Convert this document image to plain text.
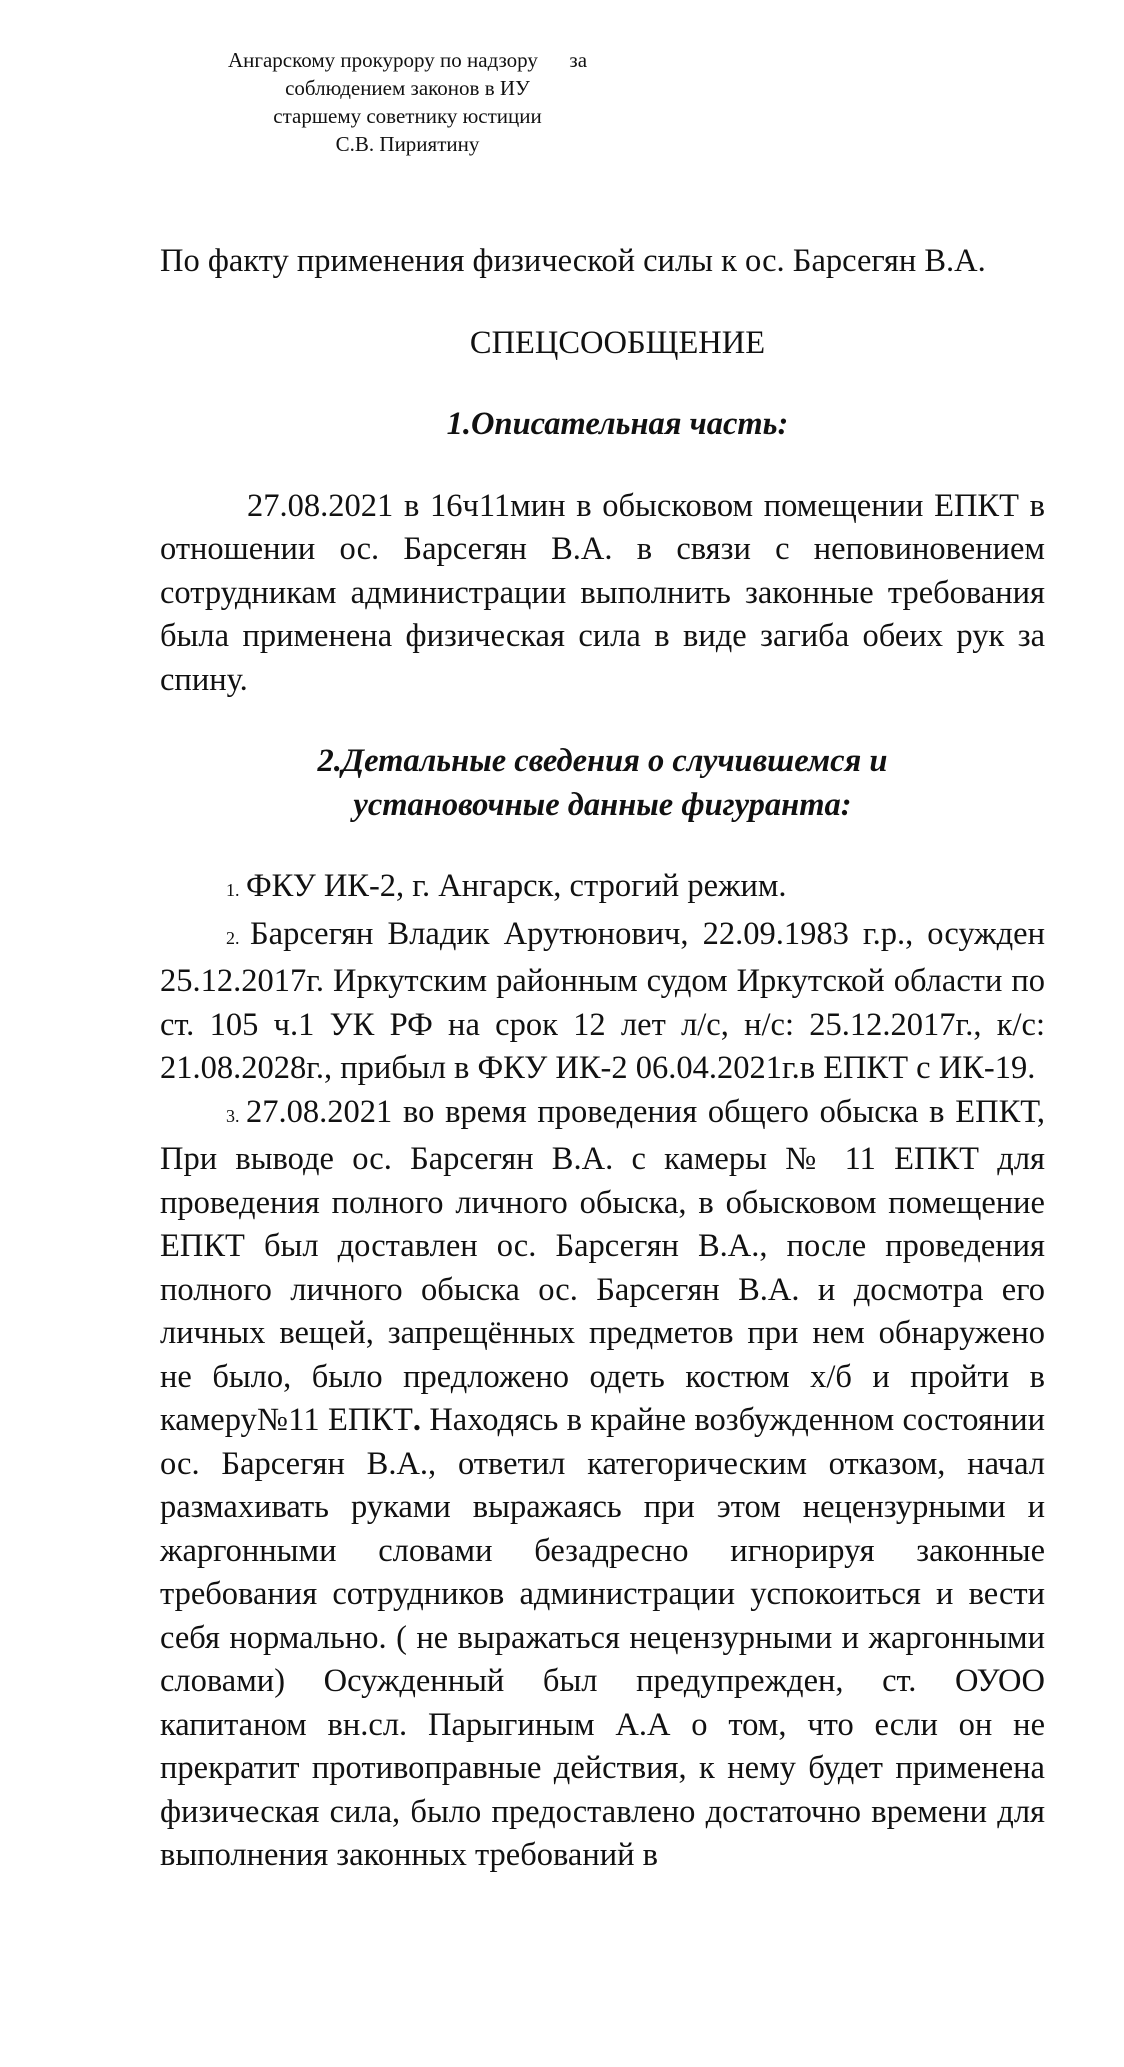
Ангарскому прокурору по надзору      за
соблюдением законов в ИУ
старшему советнику юстиции
С.В. Пириятину

По факту применения физической силы к ос. Барсегян В.А.

СПЕЦСООБЩЕНИЕ
1.Описательная часть:

27.08.2021 в 16ч11мин в обысковом помещении ЕПКТ в отношении ос. Барсегян В.А. в связи с неповиновением сотрудникам администрации выполнить законные требования была применена физическая сила в виде загиба обеих рук за спину.

2.Детальные сведения о случившемся и
установочные данные фигуранта:
1. ФКУ ИК-2, г. Ангарск, строгий режим.
2. Барсегян Владик Арутюнович, 22.09.1983 г.р., осужден 25.12.2017г. Иркутским районным судом Иркутской области по ст. 105 ч.1 УК РФ на срок 12 лет л/с, н/с: 25.12.2017г., к/с: 21.08.2028г., прибыл в ФКУ ИК-2 06.04.2021г.в ЕПКТ с ИК-19.
3. 27.08.2021 во время проведения общего обыска в ЕПКТ, При выводе ос. Барсегян В.А. с камеры № 11 ЕПКТ для проведения полного личного обыска, в обысковом помещение ЕПКТ был доставлен ос. Барсегян В.А., после проведения полного личного обыска ос. Барсегян В.А. и досмотра его личных вещей, запрещённых предметов при нем обнаружено не было, было предложено одеть костюм х/б и пройти в камеру№11 ЕПКТ. Находясь в крайне возбужденном состоянии ос. Барсегян В.А., ответил категорическим отказом, начал размахивать руками выражаясь при этом нецензурными и жаргонными словами безадресно игнорируя законные требования сотрудников администрации успокоиться и вести себя нормально. ( не выражаться нецензурными и жаргонными словами) Осужденный был предупрежден, ст. ОУОО капитаном вн.сл. Парыгиным А.А о том, что если он не прекратит противоправные действия, к нему будет применена физическая сила, было предоставлено достаточно времени для выполнения законных требований в
